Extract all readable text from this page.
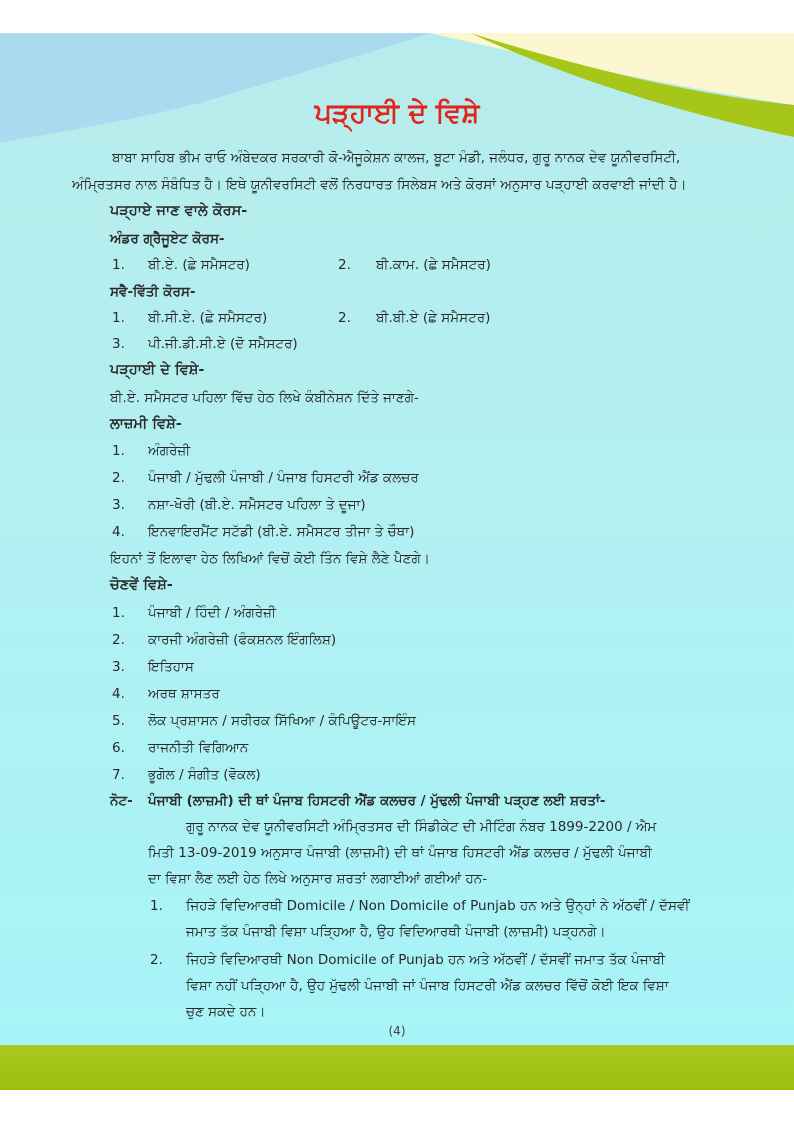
ਪੜ੍ਹਾਈ ਦੇ ਵਿਸ਼ੇ
ਬਾਬਾ ਸਾਹਿਬ ਭੀਮ ਰਾਓ ਅੰਬੇਦਕਰ ਸਰਕਾਰੀ ਕੋ-ਐਜੂਕੇਸ਼ਨ ਕਾਲਜ, ਬੂਟਾ ਮੰਡੀ, ਜਲੰਧਰ, ਗੁਰੂ ਨਾਨਕ ਦੇਵ ਯੂਨੀਵਰਸਿਟੀ,
ਅੰਮ੍ਰਿਤਸਰ ਨਾਲ ਸੰਬੰਧਿਤ ਹੈ। ਇਥੇ ਯੂਨੀਵਰਸਿਟੀ ਵਲੋਂ ਨਿਰਧਾਰਤ ਸਿਲੇਬਸ ਅਤੇ ਕੋਰਸਾਂ ਅਨੁਸਾਰ ਪੜ੍ਹਾਈ ਕਰਵਾਈ ਜਾਂਦੀ ਹੈ।
ਪੜ੍ਹਾਏ ਜਾਣ ਵਾਲੇ ਕੋਰਸ-
ਅੰਡਰ ਗ੍ਰੈਜੂਏਟ ਕੋਰਸ-
1. ਬੀ.ਏ. (ਛੇ ਸਮੈਸਟਰ)	2. ਬੀ.ਕਾਮ. (ਛੇ ਸਮੈਸਟਰ)
ਸਵੈ-ਵਿੱਤੀ ਕੋਰਸ-
1. ਬੀ.ਸੀ.ਏ. (ਛੇ ਸਮੈਸਟਰ)	2. ਬੀ.ਬੀ.ਏ (ਛੇ ਸਮੈਸਟਰ)
3. ਪੀ.ਜੀ.ਡੀ.ਸੀ.ਏ (ਦੋ ਸਮੈਸਟਰ)
ਪੜ੍ਹਾਈ ਦੇ ਵਿਸ਼ੇ-
ਬੀ.ਏ. ਸਮੈਸਟਰ ਪਹਿਲਾ ਵਿੱਚ ਹੇਠ ਲਿਖੇ ਕੰਬੀਨੇਸ਼ਨ ਦਿੱਤੇ ਜਾਣਗੇ-
ਲਾਜ਼ਮੀ ਵਿਸ਼ੇ-
1. ਅੰਗਰੇਜ਼ੀ
2. ਪੰਜਾਬੀ / ਮੁੱਢਲੀ ਪੰਜਾਬੀ / ਪੰਜਾਬ ਹਿਸਟਰੀ ਐਂਡ ਕਲਚਰ
3. ਨਸ਼ਾ-ਖੋਰੀ (ਬੀ.ਏ. ਸਮੈਸਟਰ ਪਹਿਲਾ ਤੇ ਦੂਜਾ)
4. ਇਨਵਾਇਰਮੈਂਟ ਸਟੱਡੀ (ਬੀ.ਏ. ਸਮੈਸਟਰ ਤੀਜਾ ਤੇ ਚੌਥਾ)
ਇਹਨਾਂ ਤੋਂ ਇਲਾਵਾ ਹੇਠ ਲਿਖਿਆਂ ਵਿਚੋਂ ਕੋਈ ਤਿੰਨ ਵਿਸ਼ੇ ਲੈਣੇ ਪੈਣਗੇ।
ਚੋਣਵੇਂ ਵਿਸ਼ੇ-
1. ਪੰਜਾਬੀ / ਹਿੰਦੀ / ਅੰਗਰੇਜ਼ੀ
2. ਕਾਰਜੀ ਅੰਗਰੇਜ਼ੀ (ਫੰਕਸ਼ਨਲ ਇੰਗਲਿਸ਼)
3. ਇਤਿਹਾਸ
4. ਅਰਥ ਸ਼ਾਸਤਰ
5. ਲੋਕ ਪ੍ਰਸ਼ਾਸਨ / ਸਰੀਰਕ ਸਿੱਖਿਆ / ਕੰਪਿਊਟਰ-ਸਾਇੰਸ
6. ਰਾਜਨੀਤੀ ਵਿਗਿਆਨ
7. ਭੂਗੋਲ / ਸੰਗੀਤ (ਵੋਕਲ)
ਨੋਟ- ਪੰਜਾਬੀ (ਲਾਜ਼ਮੀ) ਦੀ ਥਾਂ ਪੰਜਾਬ ਹਿਸਟਰੀ ਐਂਡ ਕਲਚਰ / ਮੁੱਢਲੀ ਪੰਜਾਬੀ ਪੜ੍ਹਣ ਲਈ ਸ਼ਰਤਾਂ-
ਗੁਰੂ ਨਾਨਕ ਦੇਵ ਯੂਨੀਵਰਸਿਟੀ ਅੰਮ੍ਰਿਤਸਰ ਦੀ ਸਿੰਡੀਕੇਟ ਦੀ ਮੀਟਿੰਗ ਨੰਬਰ 1899-2200 / ਐਮ
ਮਿਤੀ 13-09-2019 ਅਨੁਸਾਰ ਪੰਜਾਬੀ (ਲਾਜ਼ਮੀ) ਦੀ ਥਾਂ ਪੰਜਾਬ ਹਿਸਟਰੀ ਐਂਡ ਕਲਚਰ / ਮੁੱਢਲੀ ਪੰਜਾਬੀ
ਦਾ ਵਿਸ਼ਾ ਲੈਣ ਲਈ ਹੇਠ ਲਿਖੇ ਅਨੁਸਾਰ ਸ਼ਰਤਾਂ ਲਗਾਈਆਂ ਗਈਆਂ ਹਨ-
1. ਜਿਹੜੇ ਵਿਦਿਆਰਥੀ Domicile / Non Domicile of Punjab ਹਨ ਅਤੇ ਉਨ੍ਹਾਂ ਨੇ ਅੱਠਵੀਂ / ਦੱਸਵੀਂ
ਜਮਾਤ ਤੱਕ ਪੰਜਾਬੀ ਵਿਸ਼ਾ ਪੜ੍ਹਿਆ ਹੈ, ਉਹ ਵਿਦਿਆਰਥੀ ਪੰਜਾਬੀ (ਲਾਜ਼ਮੀ) ਪੜ੍ਹਨਗੇ।
2. ਜਿਹੜੇ ਵਿਦਿਆਰਥੀ Non Domicile of Punjab ਹਨ ਅਤੇ ਅੱਠਵੀਂ / ਦੱਸਵੀਂ ਜਮਾਤ ਤੱਕ ਪੰਜਾਬੀ
ਵਿਸ਼ਾ ਨਹੀਂ ਪੜ੍ਹਿਆ ਹੈ, ਉਹ ਮੁੱਢਲੀ ਪੰਜਾਬੀ ਜਾਂ ਪੰਜਾਬ ਹਿਸਟਰੀ ਐਂਡ ਕਲਚਰ ਵਿੱਚੋਂ ਕੋਈ ਇਕ ਵਿਸ਼ਾ
ਚੁਣ ਸਕਦੇ ਹਨ।
(4)
